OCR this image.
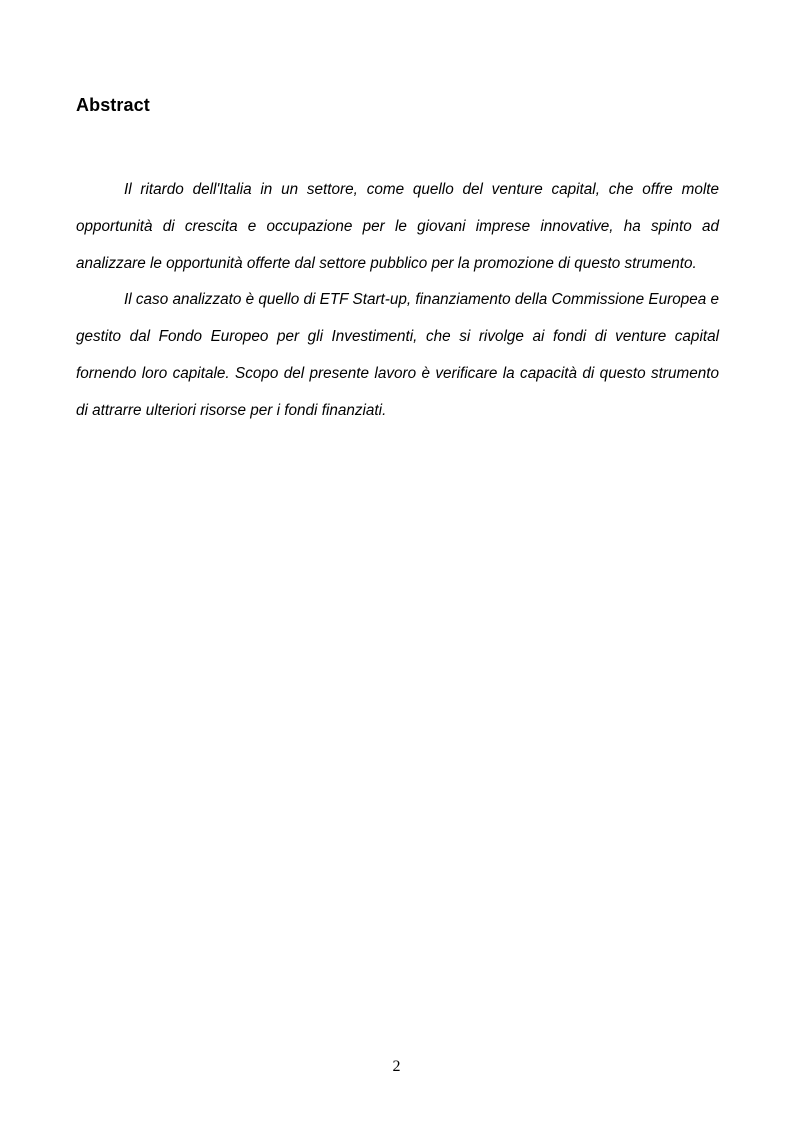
Abstract

Il ritardo dell'Italia in un settore, come quello del venture capital, che offre molte opportunità di crescita e occupazione per le giovani imprese innovative, ha spinto ad analizzare le opportunità offerte dal settore pubblico per la promozione di questo strumento.

Il caso analizzato è quello di ETF Start-up, finanziamento della Commissione Europea e gestito dal Fondo Europeo per gli Investimenti, che si rivolge ai fondi di venture capital fornendo loro capitale. Scopo del presente lavoro è verificare la capacità di questo strumento di attrarre ulteriori risorse per i fondi finanziati.

2
